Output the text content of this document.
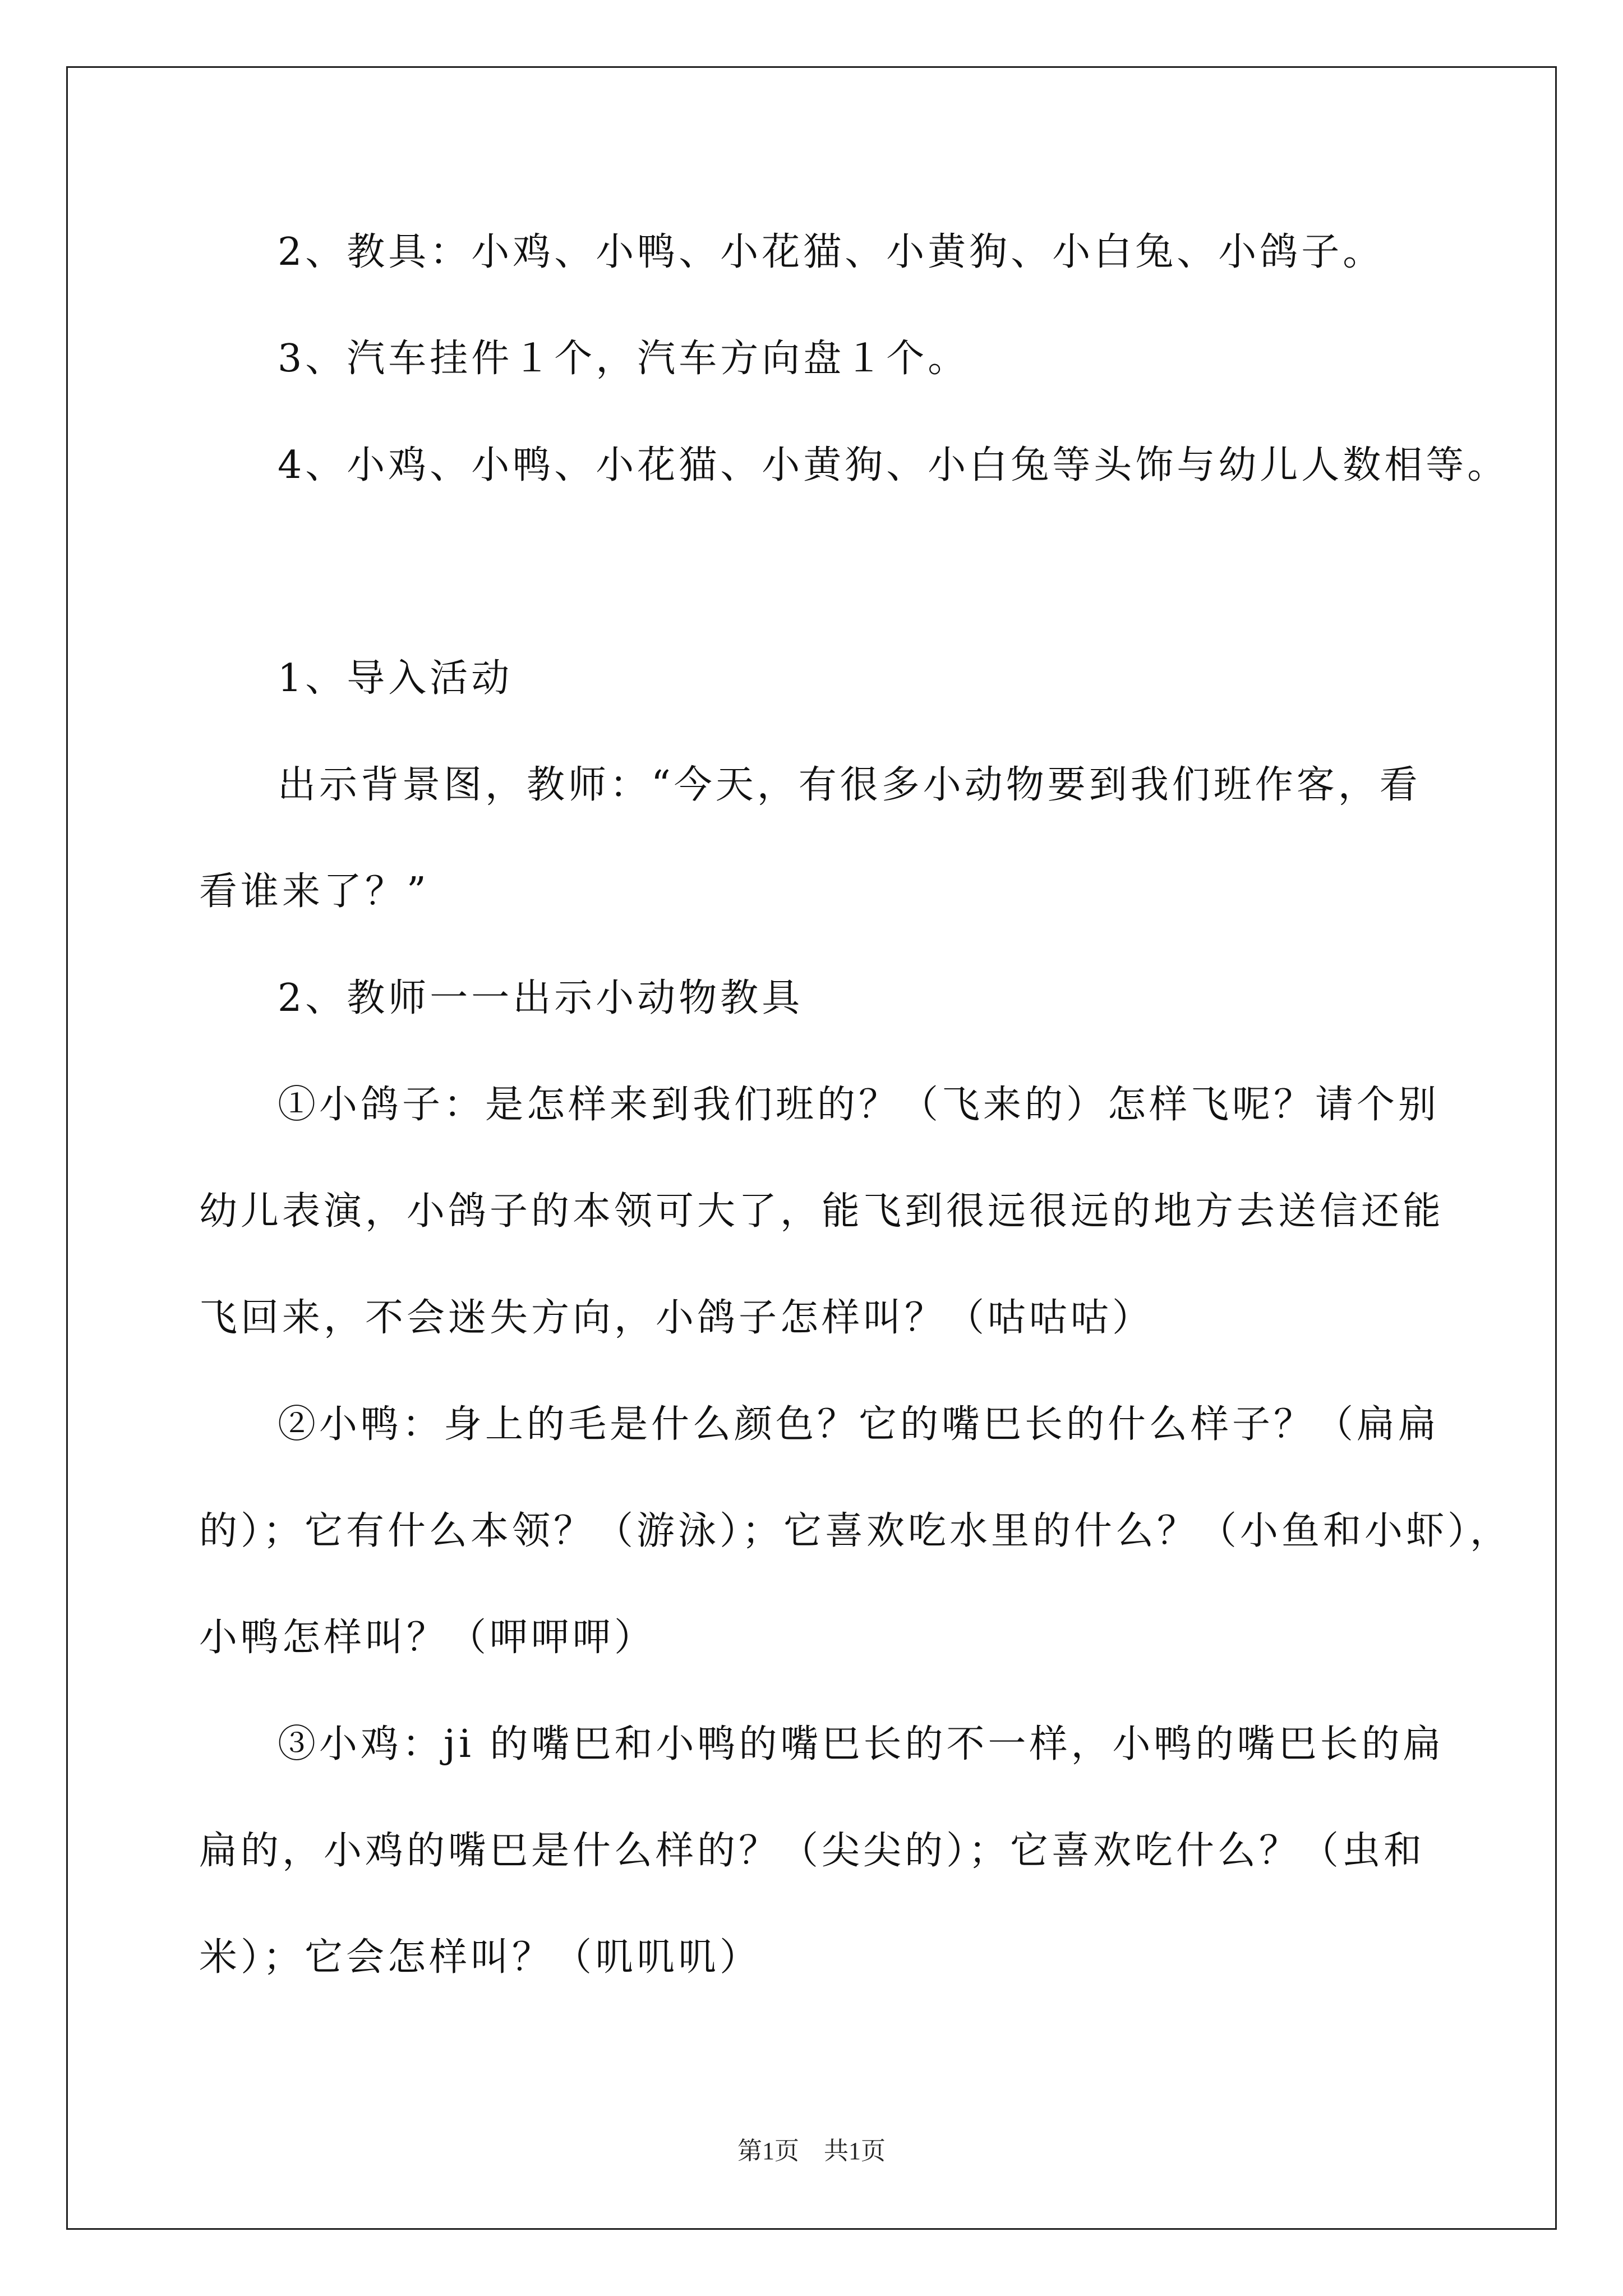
2、教具：小鸡、小鸭、小花猫、小黄狗、小白兔、小鸽子。
3、汽车挂件１个，汽车方向盘１个。
4、小鸡、小鸭、小花猫、小黄狗、小白兔等头饰与幼儿人数相等。
1、导入活动
出示背景图，教师：“今天，有很多小动物要到我们班作客，看
看谁来了？”
2、教师一一出示小动物教具
①小鸽子：是怎样来到我们班的？（飞来的）怎样飞呢？请个别
幼儿表演，小鸽子的本领可大了，能飞到很远很远的地方去送信还能
飞回来，不会迷失方向，小鸽子怎样叫？（咕咕咕）
②小鸭：身上的毛是什么颜色？它的嘴巴长的什么样子？（扁扁
的）；它有什么本领？（游泳）；它喜欢吃水里的什么？（小鱼和小虾），
小鸭怎样叫？（呷呷呷）
③小鸡：ji 的嘴巴和小鸭的嘴巴长的不一样，小鸭的嘴巴长的扁
扁的，小鸡的嘴巴是什么样的？（尖尖的）；它喜欢吃什么？（虫和
米）；它会怎样叫？（叽叽叽）
第1页　共1页
